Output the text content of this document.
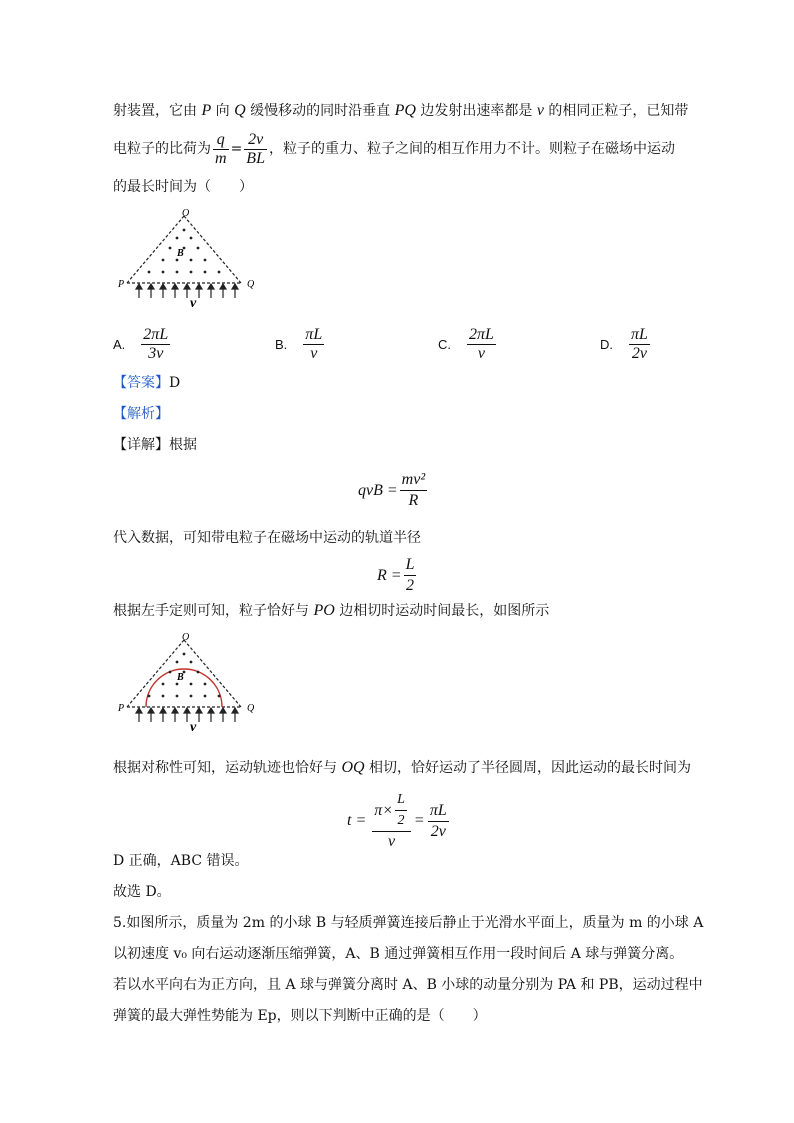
射装置，它由 P 向 Q 缓慢移动的同时沿垂直 PQ 边发射出速率都是 v 的相同正粒子，已知带
电粒子的比荷为 $\frac{q}{m} = \frac{2v}{BL}$ ，粒子的重力、粒子之间的相互作用力不计。则粒子在磁场中运动
的最长时间为（　　）
O
B
P	Q
v
A. $\frac{2\pi L}{3v}$	B. $\frac{\pi L}{v}$	C. $\frac{2\pi L}{v}$	D. $\frac{\pi L}{2v}$
【答案】D
【解析】
【详解】根据
qvB = $\frac{\text{mv²}}{R}$
代入数据，可知带电粒子在磁场中运动的轨道半径
$R = \frac{L}{2}$
根据左手定则可知，粒子恰好与 PO 边相切时运动时间最长，如图所示
O
B
P	Q
v
根据对称性可知，运动轨迹也恰好与 OQ 相切，恰好运动了半径圆周，因此运动的最长时间为
$t = \frac{\pi\times \frac{L}{2}}{v} = \frac{\pi L}{2v}$
D 正确，ABC 错误。
故选 D。
5.如图所示，质量为 2m 的小球 B 与轻质弹簧连接后静止于光滑水平面上，质量为 m 的小球 A
以初速度 v₀ 向右运动逐渐压缩弹簧，A、B 通过弹簧相互作用一段时间后 A 球与弹簧分离。
若以水平向右为正方向，且 A 球与弹簧分离时 A、B 小球的动量分别为 PA 和 PB，运动过程中
弹簧的最大弹性势能为 Ep，则以下判断中正确的是（　　）
